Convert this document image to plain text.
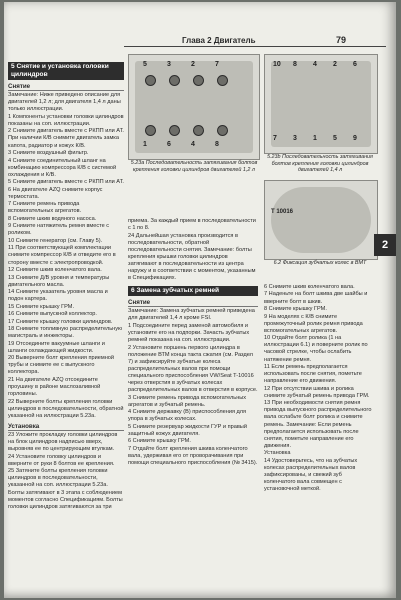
Глава 2 Двигатель	79
5 Снятие и установка головки цилиндров
Снятие

Замечание: Ниже приведено описание для двигателей 1,2 л; для двигателя 1,4 л даны только иллюстрации.

1 Компоненты установки головки цилиндров показаны на соп. иллюстрации.

2 Снимите двигатель вместе с РКПП или АТ. При наличии К/В снимите двигатель замка капота, радиатор и кожух К/В.

3 Снимите воздушный фильтр.

4 Снимите соединительный шланг на комбинацию компрессора К/В с системой охлаждения и К/В.

5 Снимите двигатель вместе с РКПП или АТ.

6 На двигателе AZQ снимите корпус термостата.

7 Снимите ремень привода вспомогательных агрегатов.

8 Снимите шкив водяного насоса.

9 Снимите натяжитель ремня вместе с роликом.

10 Снимите генератор (см. Главу 5).

11 При соответствующей комплектации снимите компрессор К/В и отведите его в сторону вместе с электропроводкой.

12 Снимите шкив коленчатого вала.

13 Снимите Д/В уровня и температуры двигательного масла.

14 Снимите указатель уровня масла и подон картера.

15 Снимите крышку ГРМ.

16 Снимите выпускной коллектор.

17 Снимите крышку головки цилиндров.

18 Снимите топливную распределительную магистраль и инжекторы.

19 Отсоедините вакуумные шланги и шланги охлаждающей жидкости.

20 Выверните болт крепления приемной трубы и снимите ее с выпускного коллектора.

21 На двигателе AZQ отсоедините проушину в районе маслозаливной горловины.

22 Выверните болты крепления головки цилиндров в последовательности, обратной указанной на иллюстрации 5.23a.

Установка

23 Уложите прокладку головки цилиндров на блок цилиндров надписью вверх, выровняв ее по центрирующим втулкам.

24 Установите головку цилиндров и вверните от руки 8 болтов ее крепления.

25 Затяните болты крепления головки цилиндров в последовательности, указанной на соп. иллюстрации 5.23a. Болты затягивают в 3 этапа с соблюдением моментов согласно Спецификациям. Болты головки цилиндров затягиваются за три

5	3	2	7
1	6	4	8
5.23a Последовательность затягивания болтов крепления головки цилиндров двигателей 1,2 л
10 8 4 2 6
7 3 1 5 9
5.23b Последовательность затягивания болтов крепления головки цилиндров двигателей 1,4 л
T 10016
6.2 Фиксация зубчатых колес в ВМТ
2

приема. За каждый прием в последовательности с 1 по 8.

24 Дальнейшая установка производится в последовательности, обратной последовательности снятия. Замечание: болты крепления крышки головки цилиндров затягивают в последовательности из центра наружу и в соответствии с моментом, указанным в Спецификациях.

6 Замена зубчатых ремней
Снятие

Замечание: Замена зубчатых ремней приведена для двигателей 1,4 л кроме FSI.

1 Подсоедините перед заменой автомобиля и установите его на подпорки. Зачасть зубчатых ремней показана на соп. иллюстрации.

2 Установите поршень первого цилиндра в положение ВТМ конца такта сжатия (см. Раздел 7) и зафиксируйте зубчатые колеса распределительных валов при помощи специального приспособления VW/Seat T-10016 через отверстия в зубчатых колесах распределительных валов в отверстия в корпусе.

3 Снимите ремень привода вспомогательных агрегатов и зубчатый ремень.

4 Снимите державку (В) приспособления для упора в зубчатых колесах.

5 Снимите резервуар жидкости ГУР и правый защитный кожух двигателя.

6 Снимите крышку ГРМ.

7 Отдайте болт крепления шкива коленчатого вала, удерживая его от проворачивания при помощи специального приспособления (№ 3415).

6 Снимите шкив коленчатого вала.

7 Наденьте на болт шкива две шайбы и вверните болт в шкив.

8 Снимите крышку ГРМ.

9 На моделях с К/В снимите промежуточный ролик ремня привода вспомогательных агрегатов.

10 Отдайте болт ролика (1 на иллюстрации 6.1) и поверните ролик по часовой стрелке, чтобы ослабить натяжение ремня.

11 Если ремень предполагается использовать после снятия, пометьте направление его движения.

12 При отсутствии шкива и ролика снимите зубчатый ремень привода ГРМ.

13 При необходимости снятия ремня привода выпускного распределительного вала ослабьте болт ролика и снимите ремень. Замечание: Если ремень предполагается использовать после снятия, пометьте направление его движения.

Установка

14 Удостоверьтесь, что на зубчатых колесах распределительных валов зафиксированы, и свежий зуб коленчатого вала совмещен с установочной меткой.
